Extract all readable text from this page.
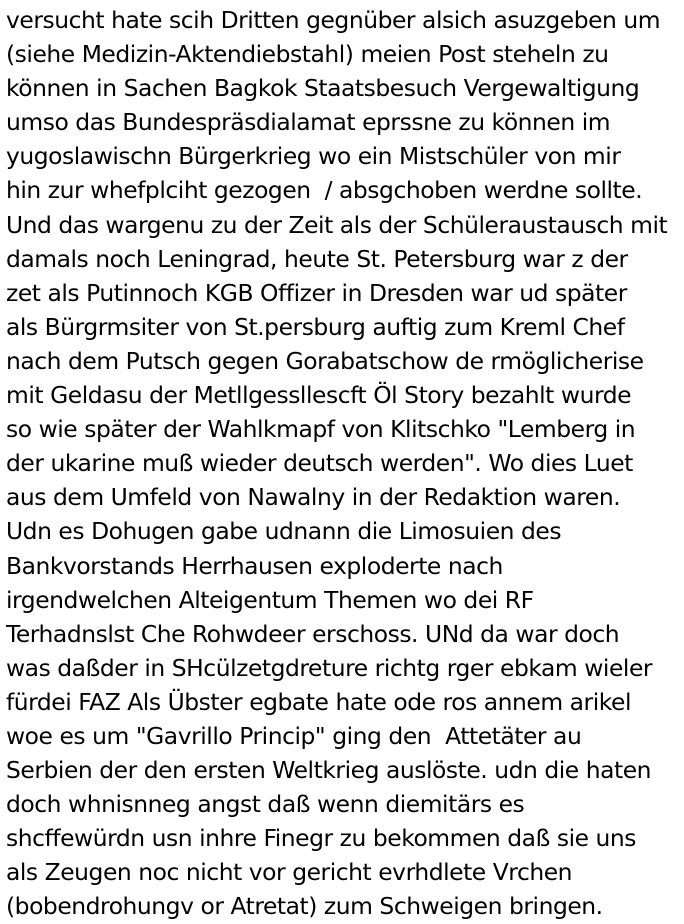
versucht hate scih Dritten gegnüber alsich asuzgeben um
(siehe Medizin-Aktendiebstahl) meien Post steheln zu
können in Sachen Bagkok Staatsbesuch Vergewaltigung
umso das Bundespräsdialamat eprssne zu können im
yugoslawischn Bürgerkrieg wo ein Mistschüler von mir
hin zur whefplciht gezogen  / absgchoben werdne sollte.
Und das wargenu zu der Zeit als der Schüleraustausch mit
damals noch Leningrad, heute St. Petersburg war z der
zet als Putinnoch KGB Offizer in Dresden war ud später
als Bürgrmsiter von St.persburg auftig zum Kreml Chef
nach dem Putsch gegen Gorabatschow de rmöglicherise
mit Geldasu der Metllgessllescft Öl Story bezahlt wurde
so wie später der Wahlkmapf von Klitschko "Lemberg in
der ukarine muß wieder deutsch werden". Wo dies Luet
aus dem Umfeld von Nawalny in der Redaktion waren.
Udn es Dohugen gabe udnann die Limosuien des
Bankvorstands Herrhausen exploderte nach
irgendwelchen Alteigentum Themen wo dei RF
Terhadnslst Che Rohwdeer erschoss. UNd da war doch
was daßder in SHcülzetgdreture richtg rger ebkam wieler
fürdei FAZ Als Übster egbate hate ode ros annem arikel
woe es um "Gavrillo Princip" ging den  Attetäter au
Serbien der den ersten Weltkrieg auslöste. udn die haten
doch whnisnneg angst daß wenn diemitärs es
shcffewürdn usn inhre Finegr zu bekommen daß sie uns
als Zeugen noc nicht vor gericht evrhdlete Vrchen
(bobendrohungv or Atretat) zum Schweigen bringen.
